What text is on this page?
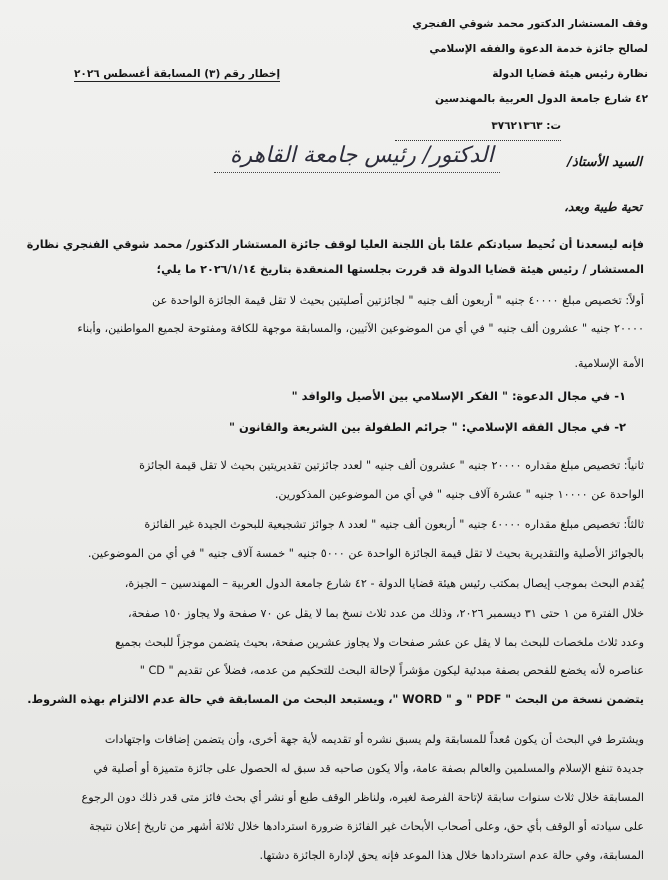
وقف المستشار الدكتور محمد شوقي الفنجري
لصالح جائزة خدمة الدعوة والفقه الإسلامي
نظارة رئيس هيئة قضايا الدولة
٤٢ شارع جامعة الدول العربية بالمهندسين
ت: ٣٧٦٢١٣٦٣
إخطار رقم (٣) المسابقة أغسطس ٢٠٢٦
السيد الأستاذ/
الدكتور/ رئيس جامعة القاهرة
تحية طيبة وبعد،
فإنه ليسعدنا أن نُحيط سيادتكم علمًا بأن اللجنة العليا لوقف جائزة المستشار الدكتور/ محمد شوقي الفنجري نظارة
المستشار / رئيس هيئة قضايا الدولة قد قررت بجلستها المنعقدة بتاريخ ٢٠٢٦/١/١٤ ما يلي؛
أولاً: تخصيص مبلغ ٤٠٠٠٠ جنيه " أربعون ألف جنيه " لجائزتين أصليتين بحيث لا تقل قيمة الجائزة الواحدة عن
٢٠٠٠٠ جنيه " عشرون ألف جنيه " في أي من الموضوعين الآتيين، والمسابقة موجهة للكافة ومفتوحة لجميع المواطنين، وأبناء
الأمة الإسلامية.
١- في مجال الدعوة: " الفكر الإسلامي بين الأصيل والوافد "
٢- في مجال الفقه الإسلامي: " جرائم الطفولة بين الشريعة والقانون "
ثانياً: تخصيص مبلغ مقداره ٢٠٠٠٠ جنيه " عشرون ألف جنيه " لعدد جائزتين تقديريتين بحيث لا تقل قيمة الجائزة
الواحدة عن ١٠٠٠٠ جنيه " عشرة آلاف جنيه " في أي من الموضوعين المذكورين.
ثالثاً: تخصيص مبلغ مقداره ٤٠٠٠٠ جنيه " أربعون ألف جنيه " لعدد ٨ جوائز تشجيعية للبحوث الجيدة غير الفائزة
بالجوائز الأصلية والتقديرية بحيث لا تقل قيمة الجائزة الواحدة عن ٥٠٠٠ جنيه " خمسة آلاف جنيه " في أي من الموضوعين.
يُقدم البحث بموجب إيصال بمكتب رئيس هيئة قضايا الدولة - ٤٢ شارع جامعة الدول العربية – المهندسين – الجيزة،
خلال الفترة من ١ حتى ٣١ ديسمبر ٢٠٢٦، وذلك من عدد ثلاث نسخ بما لا يقل عن ٧٠ صفحة ولا يجاوز ١٥٠ صفحة،
وعدد ثلاث ملخصات للبحث بما لا يقل عن عشر صفحات ولا يجاوز عشرين صفحة، بحيث يتضمن موجزاً للبحث بجميع
عناصره لأنه يخضع للفحص بصفة مبدئية ليكون مؤشراً لإحالة البحث للتحكيم من عدمه، فضلاً عن تقديم " CD "
يتضمن نسخة من البحث " PDF " و " WORD "، ويستبعد البحث من المسابقة في حالة عدم الالتزام بهذه الشروط.
ويشترط في البحث أن يكون مُعداً للمسابقة ولم يسبق نشره أو تقديمه لأية جهة أخرى، وأن يتضمن إضافات واجتهادات
جديدة تنفع الإسلام والمسلمين والعالم بصفة عامة، وألا يكون صاحبه قد سبق له الحصول على جائزة متميزة أو أصلية في
المسابقة خلال ثلاث سنوات سابقة لإتاحة الفرصة لغيره، ولناظر الوقف طبع أو نشر أي بحث فائز متى قدر ذلك دون الرجوع
على سيادته أو الوقف بأي حق، وعلى أصحاب الأبحاث غير الفائزة ضرورة استردادها خلال ثلاثة أشهر من تاريخ إعلان نتيجة
المسابقة، وفي حالة عدم استردادها خلال هذا الموعد فإنه يحق لإدارة الجائزة دشتها.
